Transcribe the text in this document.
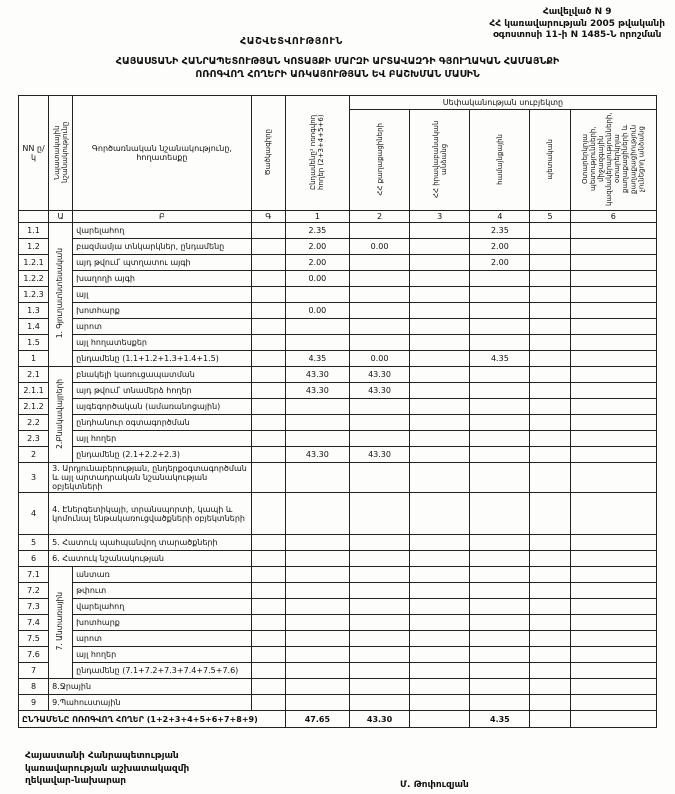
Հավելված N 9
ՀՀ կառավարության 2005 թվականի
օգոստոսի 11-ի N 1485-Ն որոշման
ՀԱՇՎԵՏՎՈՒԹՅՈՒՆ
ՀԱՅԱՍՏԱՆԻ ՀԱՆՐԱՊԵՏՈՒԹՅԱՆ ԿՈՏԱՅՔԻ ՄԱՐԶԻ ԱՐՏԱՎԱԶԴԻ ԳՅՈՒՂԱԿԱՆ ՀԱՄԱՅՆՔԻ
ՈՌՈԳՎՈՂ ՀՈՂԵՐԻ ԱՌԿԱՅՈՒԹՅԱՆ ԵՎ ԲԱՇԽՄԱՆ ՄԱՍԻՆ
NN ը/կ	Նպատակային նշանակությունը	Գործառնական նշանակությունը, հողատեսքը	Ծածկագիրը	Ընդամենը¹ ոռոգվող հողեր (2+3+4+5+6)	Սեփականության սուբյեկտը				
					ՀՀ քաղաքացիների	ՀՀ իրավաբանական անձանց	համայնքային	պետական	Օտարերկրյա պետությունների, միջազգային կազմակերպությունների, օտարերկրյա քաղաքացիների և քաղաքացիություն չունեցող անձանց
	Ա	Բ	Գ	1	2	3	4	5	6
1.1	1. Գյուղատնտեսական	վարելահող		2.35			2.35		
1.2		բազմամյա տնկարկներ, ընդամենը		2.00	0.00		2.00		
1.2.1		այդ թվում՝ պտղատու այգի		2.00			2.00		
1.2.2		խաղողի այգի		0.00					
1.2.3		այլ							
1.3		խոտհարք		0.00					
1.4		արոտ							
1.5		այլ հողատեսքեր							
1		ընդամենը (1.1+1.2+1.3+1.4+1.5)		4.35	0.00		4.35		
2.1	2.Բնակավայրերի	բնակելի կառուցապատման		43.30	43.30				
2.1.1		այդ թվում՝ տնամերձ հողեր		43.30	43.30				
2.1.2		այգեգործական (ամառանոցային)							
2.2		ընդհանուր օգտագործման							
2.3		այլ հողեր							
2		ընդամենը (2.1+2.2+2.3)		43.30	43.30				
3	3. Արդյունաբերության, ընդերքօգտագործման և այլ արտադրական նշանակության օբյեկտների								
4	4. Էներգետիկայի, տրանսպորտի, կապի և կոմունալ ենթակառուցվածքների օբյեկտների								
5	5. Հատուկ պահպանվող տարածքների								
6	6. Հատուկ նշանակության								
7.1	7. Անտառային	անտառ							
7.2		թփուտ							
7.3		վարելահող							
7.4		խոտհարք							
7.5		արոտ							
7.6		այլ հողեր							
7		ընդամենը (7.1+7.2+7.3+7.4+7.5+7.6)							
8	8.Ջրային								
9	9.Պահուստային								
ԸՆԴԱՄԵՆԸ ՈՌՈԳՎՈՂ ՀՈՂԵՐ (1+2+3+4+5+6+7+8+9)				47.65	43.30		4.35		
Հայաստանի Հանրապետության
կառավարության աշխատակազմի
ղեկավար-նախարար	Մ. Թոփուզյան
